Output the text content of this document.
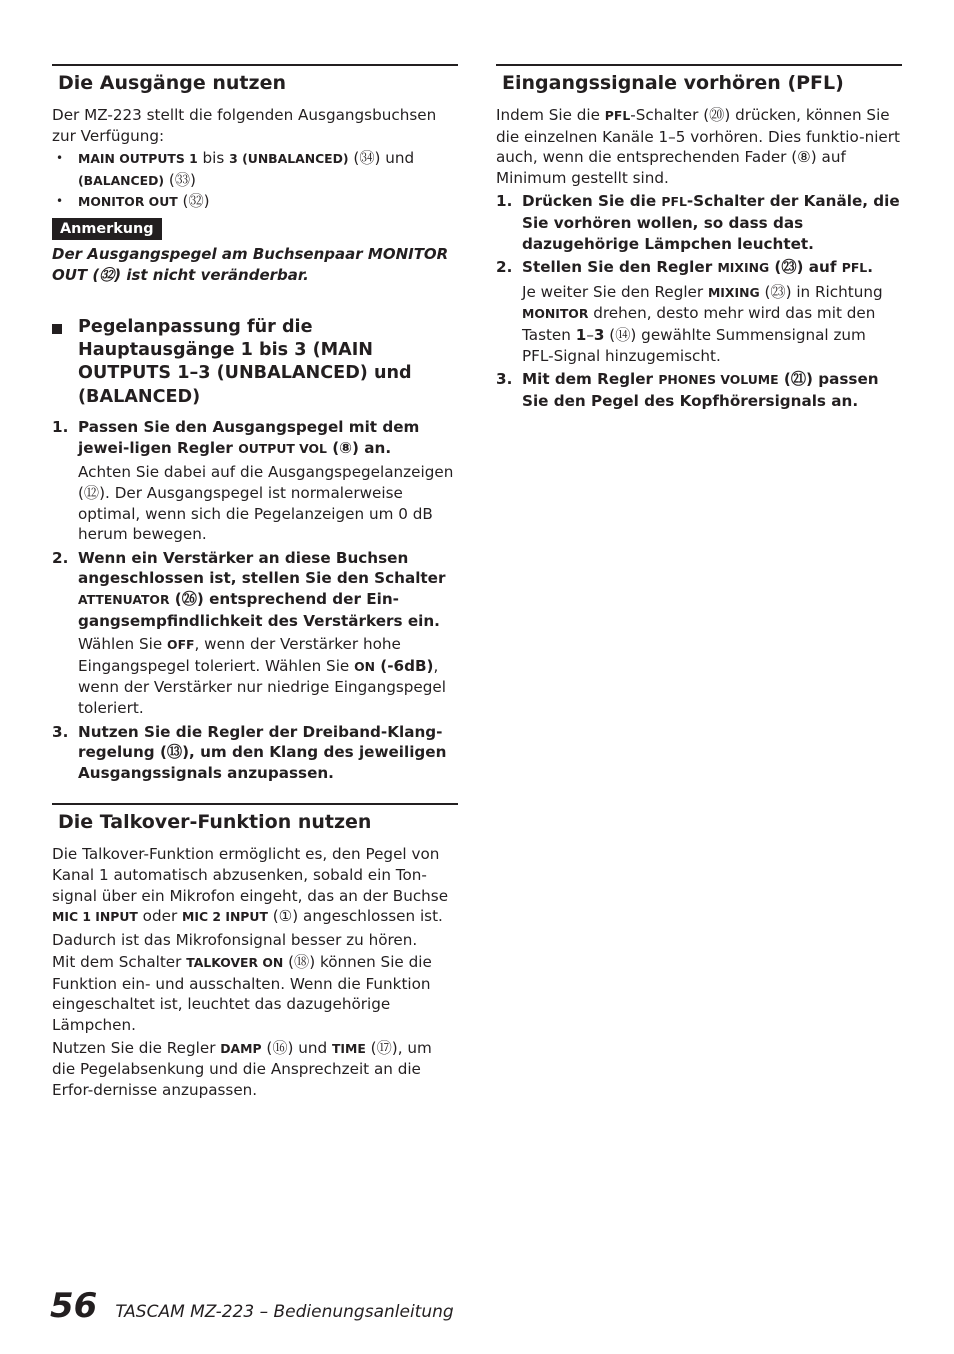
Die Ausgänge nutzen

Der MZ-223 stellt die folgenden Ausgangsbuchsen zur Verfügung:

• MAIN OUTPUTS 1 bis 3 (UNBALANCED) (㉞) und
(BALANCED) (㉝)
• MONITOR OUT (㉜)
Anmerkung

Der Ausgangspegel am Buchsenpaar MONITOR OUT (㉜) ist nicht veränderbar.

Pegelanpassung für die Hauptausgänge 1 bis 3 (MAIN OUTPUTS 1–3 (UNBALANCED) und (BALANCED)
1. Passen Sie den Ausgangspegel mit dem jewei-ligen Regler OUTPUT VOL (⑧) an.

Achten Sie dabei auf die Ausgangspegelanzeigen (⑫). Der Ausgangspegel ist normalerweise optimal, wenn sich die Pegelanzeigen um 0 dB herum bewegen.

2. Wenn ein Verstärker an diese Buchsen angeschlossen ist, stellen Sie den Schalter ATTENUATOR (㉖) entsprechend der Ein-gangsempfindlichkeit des Verstärkers ein.

Wählen Sie OFF, wenn der Verstärker hohe Eingangspegel toleriert. Wählen Sie ON (-6dB), wenn der Verstärker nur niedrige Eingangspegel toleriert.

3. Nutzen Sie die Regler der Dreiband-Klang-regelung (⑬), um den Klang des jeweiligen Ausgangssignals anzupassen.
Die Talkover-Funktion nutzen

Die Talkover-Funktion ermöglicht es, den Pegel von Kanal 1 automatisch abzusenken, sobald ein Ton-signal über ein Mikrofon eingeht, das an der Buchse MIC 1 INPUT oder MIC 2 INPUT (①) angeschlossen ist.

Dadurch ist das Mikrofonsignal besser zu hören.

Mit dem Schalter TALKOVER ON (⑱) können Sie die Funktion ein- und ausschalten. Wenn die Funktion eingeschaltet ist, leuchtet das dazugehörige Lämpchen.

Nutzen Sie die Regler DAMP (⑯) und TIME (⑰), um die Pegelabsenkung und die Ansprechzeit an die Erfor-dernisse anzupassen.

Eingangssignale vorhören (PFL)

Indem Sie die PFL-Schalter (⑳) drücken, können Sie die einzelnen Kanäle 1–5 vorhören. Dies funktio-niert auch, wenn die entsprechenden Fader (⑧) auf Minimum gestellt sind.

1. Drücken Sie die PFL-Schalter der Kanäle, die Sie vorhören wollen, so dass das dazugehörige Lämpchen leuchtet.
2. Stellen Sie den Regler MIXING (㉓) auf PFL.

Je weiter Sie den Regler MIXING (㉓) in Richtung MONITOR drehen, desto mehr wird das mit den Tasten 1–3 (⑭) gewählte Summensignal zum PFL-Signal hinzugemischt.

3. Mit dem Regler PHONES VOLUME (㉑) passen Sie den Pegel des Kopfhörersignals an.
56 TASCAM MZ-223 – Bedienungsanleitung
